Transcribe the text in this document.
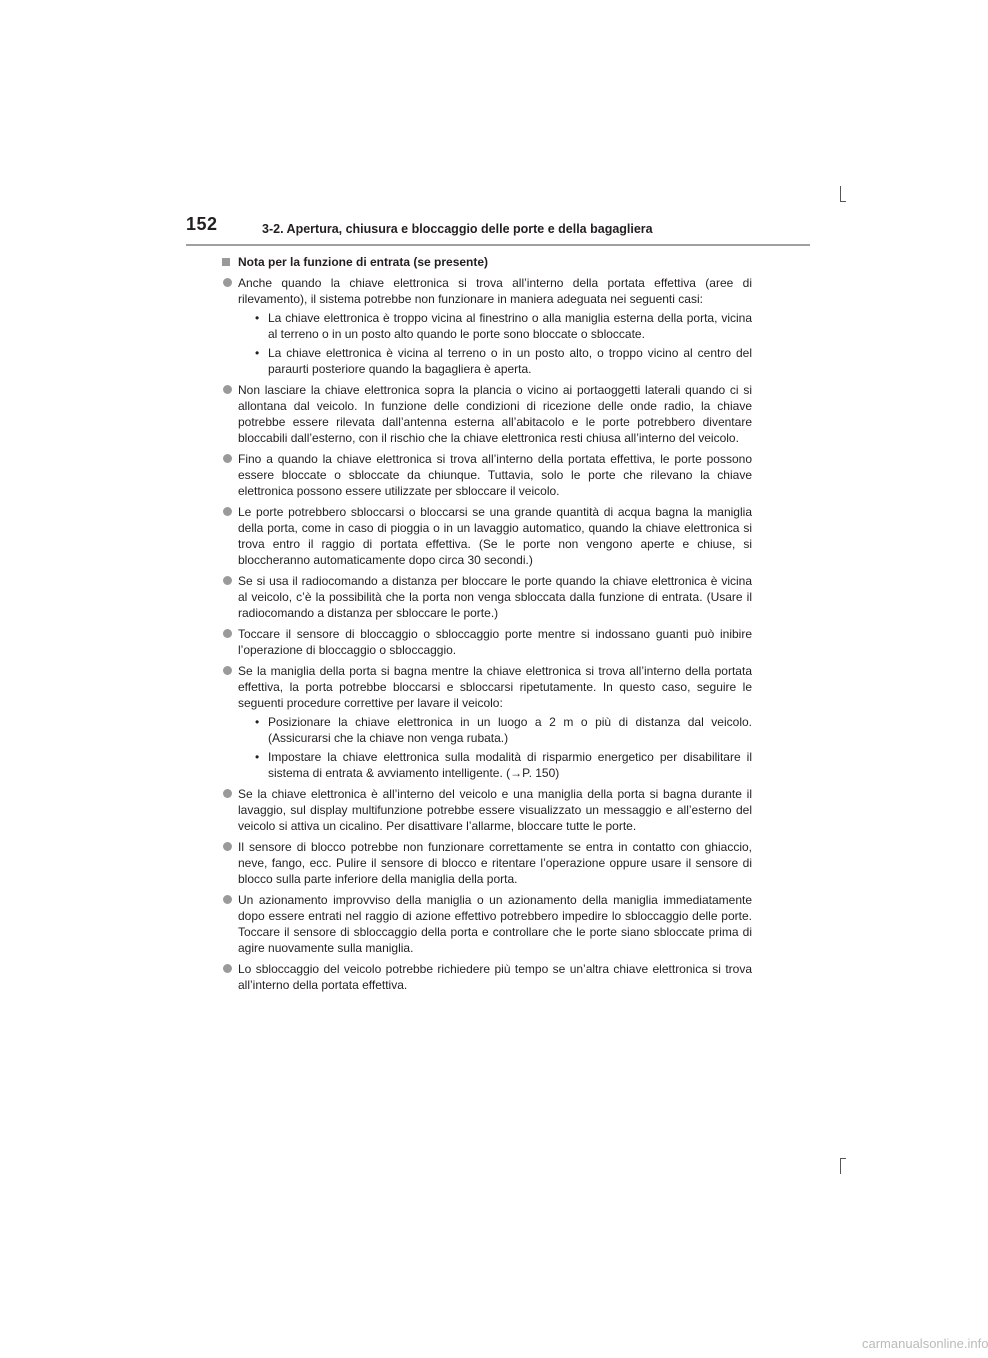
152	3-2. Apertura, chiusura e bloccaggio delle porte e della bagagliera
Nota per la funzione di entrata (se presente)
Anche quando la chiave elettronica si trova all’interno della portata effettiva (aree di rilevamento), il sistema potrebbe non funzionare in maniera adeguata nei seguenti casi:
• La chiave elettronica è troppo vicina al finestrino o alla maniglia esterna della porta, vicina al terreno o in un posto alto quando le porte sono bloccate o sbloccate.
• La chiave elettronica è vicina al terreno o in un posto alto, o troppo vicino al centro del paraurti posteriore quando la bagagliera è aperta.
Non lasciare la chiave elettronica sopra la plancia o vicino ai portaoggetti laterali quando ci si allontana dal veicolo. In funzione delle condizioni di ricezione delle onde radio, la chiave potrebbe essere rilevata dall’antenna esterna all’abitacolo e le porte potrebbero diventare bloccabili dall’esterno, con il rischio che la chiave elettronica resti chiusa all’interno del veicolo.
Fino a quando la chiave elettronica si trova all’interno della portata effettiva, le porte possono essere bloccate o sbloccate da chiunque. Tuttavia, solo le porte che rilevano la chiave elettronica possono essere utilizzate per sbloccare il veicolo.
Le porte potrebbero sbloccarsi o bloccarsi se una grande quantità di acqua bagna la maniglia della porta, come in caso di pioggia o in un lavaggio automatico, quando la chiave elettronica si trova entro il raggio di portata effettiva. (Se le porte non vengono aperte e chiuse, si bloccheranno automaticamente dopo circa 30 secondi.)
Se si usa il radiocomando a distanza per bloccare le porte quando la chiave elettronica è vicina al veicolo, c’è la possibilità che la porta non venga sbloccata dalla funzione di entrata. (Usare il radiocomando a distanza per sbloccare le porte.)
Toccare il sensore di bloccaggio o sbloccaggio porte mentre si indossano guanti può inibire l’operazione di bloccaggio o sbloccaggio.
Se la maniglia della porta si bagna mentre la chiave elettronica si trova all’interno della portata effettiva, la porta potrebbe bloccarsi e sbloccarsi ripetutamente. In questo caso, seguire le seguenti procedure correttive per lavare il veicolo:
• Posizionare la chiave elettronica in un luogo a 2 m o più di distanza dal veicolo. (Assicurarsi che la chiave non venga rubata.)
• Impostare la chiave elettronica sulla modalità di risparmio energetico per disabilitare il sistema di entrata & avviamento intelligente. (→P. 150)
Se la chiave elettronica è all’interno del veicolo e una maniglia della porta si bagna durante il lavaggio, sul display multifunzione potrebbe essere visualizzato un messaggio e all’esterno del veicolo si attiva un cicalino. Per disattivare l’allarme, bloccare tutte le porte.
Il sensore di blocco potrebbe non funzionare correttamente se entra in contatto con ghiaccio, neve, fango, ecc. Pulire il sensore di blocco e ritentare l’operazione oppure usare il sensore di blocco sulla parte inferiore della maniglia della porta.
Un azionamento improvviso della maniglia o un azionamento della maniglia immediatamente dopo essere entrati nel raggio di azione effettivo potrebbero impedire lo sbloccaggio delle porte. Toccare il sensore di sbloccaggio della porta e controllare che le porte siano sbloccate prima di agire nuovamente sulla maniglia.
Lo sbloccaggio del veicolo potrebbe richiedere più tempo se un’altra chiave elettronica si trova all’interno della portata effettiva.
carmanualsonline.info
